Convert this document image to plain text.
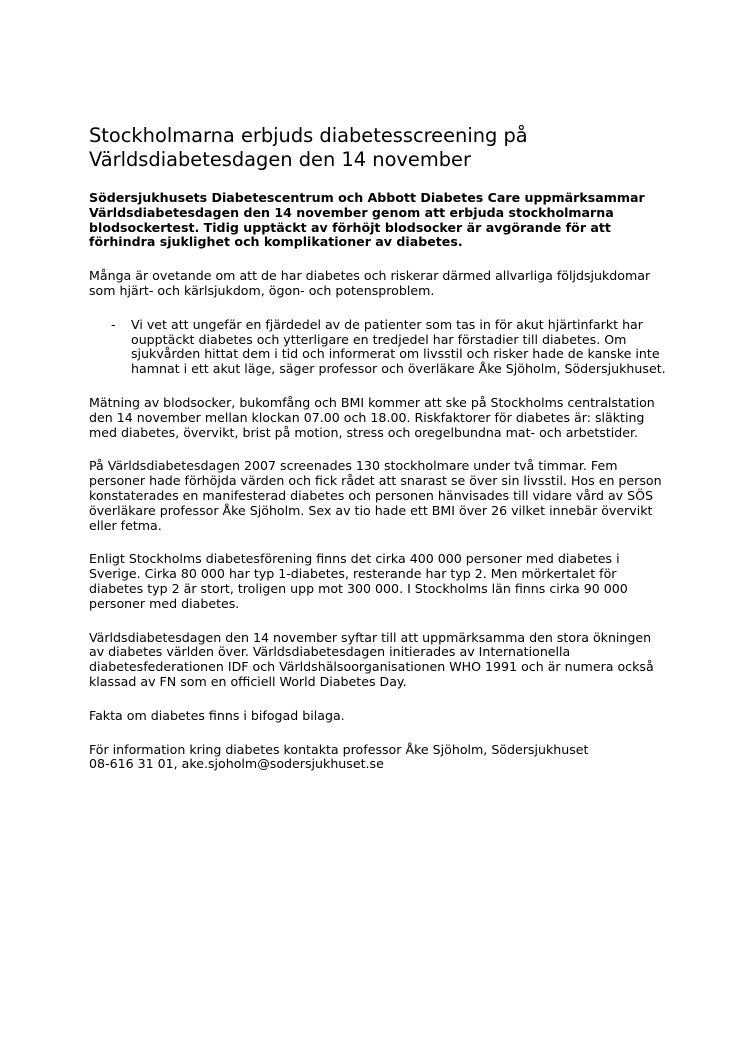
Stockholmarna erbjuds diabetesscreening på
Världsdiabetesdagen den 14 november

Södersjukhusets Diabetescentrum och Abbott Diabetes Care uppmärksammar Världsdiabetesdagen den 14 november genom att erbjuda stockholmarna blodsockertest. Tidig upptäckt av förhöjt blodsocker är avgörande för att förhindra sjuklighet och komplikationer av diabetes.

Många är ovetande om att de har diabetes och riskerar därmed allvarliga följdsjukdomar som hjärt- och kärlsjukdom, ögon- och potensproblem.

- Vi vet att ungefär en fjärdedel av de patienter som tas in för akut hjärtinfarkt har oupptäckt diabetes och ytterligare en tredjedel har förstadier till diabetes. Om sjukvården hittat dem i tid och informerat om livsstil och risker hade de kanske inte hamnat i ett akut läge, säger professor och överläkare Åke Sjöholm, Södersjukhuset.

Mätning av blodsocker, bukomfång och BMI kommer att ske på Stockholms centralstation den 14 november mellan klockan 07.00 och 18.00. Riskfaktorer för diabetes är: släkting med diabetes, övervikt, brist på motion, stress och oregelbundna mat- och arbetstider.

På Världsdiabetesdagen 2007 screenades 130 stockholmare under två timmar. Fem personer hade förhöjda värden och fick rådet att snarast se över sin livsstil. Hos en person konstaterades en manifesterad diabetes och personen hänvisades till vidare vård av SÖS överläkare professor Åke Sjöholm. Sex av tio hade ett BMI över 26 vilket innebär övervikt eller fetma.

Enligt Stockholms diabetesförening finns det cirka 400 000 personer med diabetes i Sverige. Cirka 80 000 har typ 1-diabetes, resterande har typ 2. Men mörkertalet för diabetes typ 2 är stort, troligen upp mot 300 000. I Stockholms län finns cirka 90 000 personer med diabetes.

Världsdiabetesdagen den 14 november syftar till att uppmärksamma den stora ökningen av diabetes världen över. Världsdiabetesdagen initierades av Internationella diabetesfederationen IDF och Världshälsoorganisationen WHO 1991 och är numera också klassad av FN som en officiell World Diabetes Day.

Fakta om diabetes finns i bifogad bilaga.

För information kring diabetes kontakta professor Åke Sjöholm, Södersjukhuset
08-616 31 01, ake.sjoholm@sodersjukhuset.se
